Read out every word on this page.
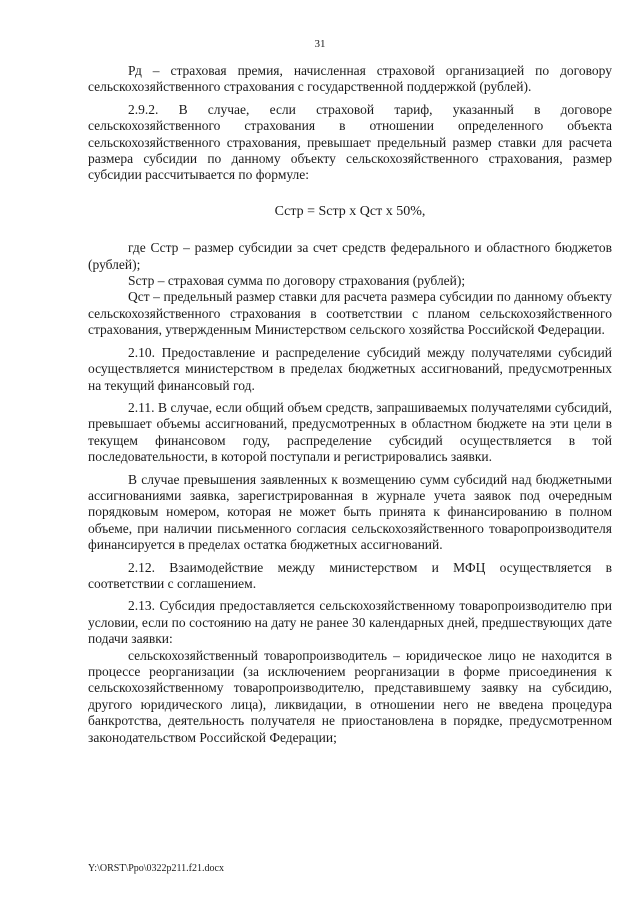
31

Рд – страховая премия, начисленная страховой организацией по договору сельскохозяйственного страхования с государственной поддержкой (рублей).

2.9.2. В случае, если страховой тариф, указанный в договоре сельскохозяйственного страхования в отношении определенного объекта сельскохозяйственного страхования, превышает предельный размер ставки для расчета размера субсидии по данному объекту сельскохозяйственного страхования, размер субсидии рассчитывается по формуле:

Сстр = Sстр x Qст x 50%,

где Сстр – размер субсидии за счет средств федерального и областного бюджетов (рублей);

Sстр – страховая сумма по договору страхования (рублей);

Qст – предельный размер ставки для расчета размера субсидии по данному объекту сельскохозяйственного страхования в соответствии с планом сельскохозяйственного страхования, утвержденным Министерством сельского хозяйства Российской Федерации.

2.10. Предоставление и распределение субсидий между получателями субсидий осуществляется министерством в пределах бюджетных ассигнований, предусмотренных на текущий финансовый год.

2.11. В случае, если общий объем средств, запрашиваемых получателями субсидий, превышает объемы ассигнований, предусмотренных в областном бюджете на эти цели в текущем финансовом году, распределение субсидий осуществляется в той последовательности, в которой поступали и регистрировались заявки.

В случае превышения заявленных к возмещению сумм субсидий над бюджетными ассигнованиями заявка, зарегистрированная в журнале учета заявок под очередным порядковым номером, которая не может быть принята к финансированию в полном объеме, при наличии письменного согласия сельскохозяйственного товаропроизводителя финансируется в пределах остатка бюджетных ассигнований.

2.12. Взаимодействие между министерством и МФЦ осуществляется в соответствии с соглашением.

2.13. Субсидия предоставляется сельскохозяйственному товаропроизводителю при условии, если по состоянию на дату не ранее 30 календарных дней, предшествующих дате подачи заявки:

сельскохозяйственный товаропроизводитель – юридическое лицо не находится в процессе реорганизации (за исключением реорганизации в форме присоединения к сельскохозяйственному товаропроизводителю, представившему заявку на субсидию, другого юридического лица), ликвидации, в отношении него не введена процедура банкротства, деятельность получателя не приостановлена в порядке, предусмотренном законодательством Российской Федерации;

Y:\ORST\Ppo\0322p211.f21.docx
